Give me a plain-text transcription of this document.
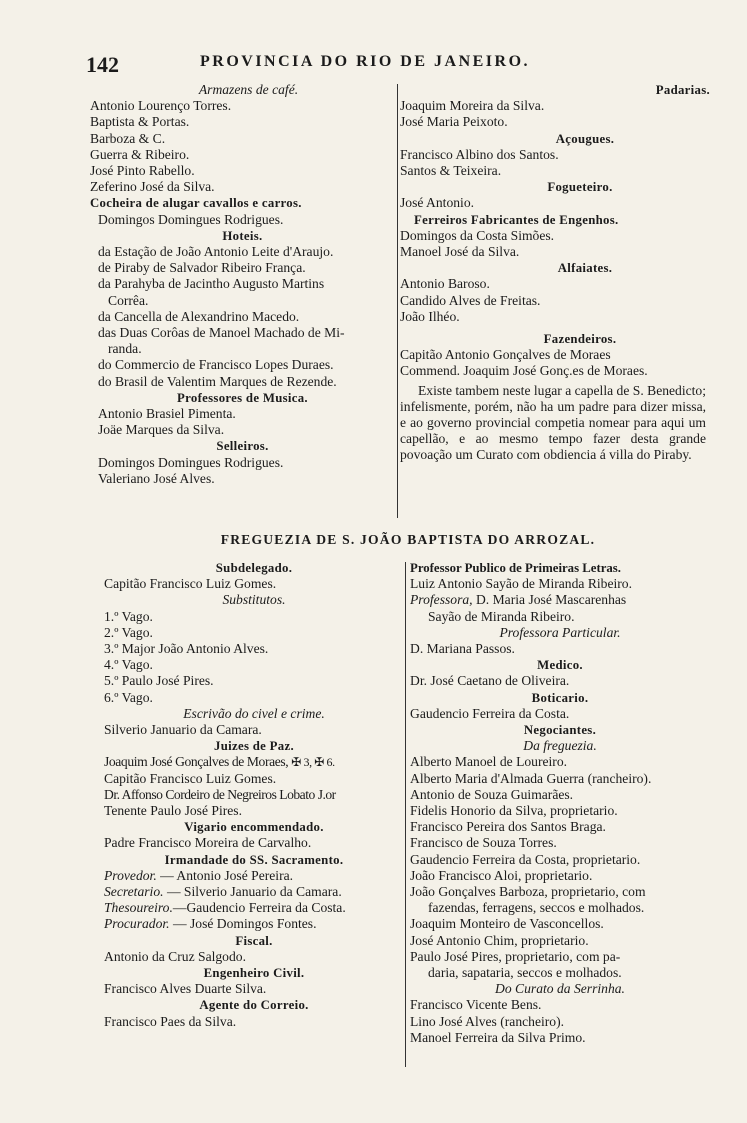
142	PROVINCIA DO RIO DE JANEIRO.
Armazens de café.
Antonio Lourenço Torres.
Baptista & Portas.
Barboza & C.
Guerra & Ribeiro.
José Pinto Rabello.
Zeferino José da Silva.
Cocheira de alugar cavallos e carros.
Domingos Domingues Rodrigues.
Hoteis.
da Estação de João Antonio Leite d'Araujo.
de Piraby de Salvador Ribeiro França.
da Parahyba de Jacintho Augusto Martins
Corrêa.
da Cancella de Alexandrino Macedo.
das Duas Corôas de Manoel Machado de Mi-
randa.
do Commercio de Francisco Lopes Duraes.
do Brasil de Valentim Marques de Rezende.
Professores de Musica.
Antonio Brasiel Pimenta.
Joäe Marques da Silva.
Selleiros.
Domingos Domingues Rodrigues.
Valeriano José Alves.
Padarias.
Joaquim Moreira da Silva.
José Maria Peixoto.
Açougues.
Francisco Albino dos Santos.
Santos & Teixeira.
Fogueteiro.
José Antonio.
Ferreiros Fabricantes de Engenhos.
Domingos da Costa Simões.
Manoel José da Silva.
Alfaiates.
Antonio Baroso.
Candido Alves de Freitas.
João Ilhéo.
Fazendeiros.
Capitão Antonio Gonçalves de Moraes
Commend. Joaquim José Gonç.es de Moraes.
Existe tambem neste lugar a capella de S. Benedicto; infelismente, porém, não ha um padre para dizer missa, e ao governo provincial competia nomear para aqui um capellão, e ao mesmo tempo fazer desta grande povoação um Curato com obdiencia á villa do Piraby.
FREGUEZIA DE S. JOÃO BAPTISTA DO ARROZAL.
Subdelegado.
Capitão Francisco Luiz Gomes.
Substitutos.
1.º Vago.
2.º Vago.
3.º Major João Antonio Alves.
4.º Vago.
5.º Paulo José Pires.
6.º Vago.
Escrivão do civel e crime.
Silverio Januario da Camara.
Juizes de Paz.
Joaquim José Gonçalves de Moraes, ✠ 3, ✠ 6.
Capitão Francisco Luiz Gomes.
Dr. Affonso Cordeiro de Negreiros Lobato J.or
Tenente Paulo José Pires.
Vigario encommendado.
Padre Francisco Moreira de Carvalho.
Irmandade do SS. Sacramento.
Provedor. — Antonio José Pereira.
Secretario. — Silverio Januario da Camara.
Thesoureiro.—Gaudencio Ferreira da Costa.
Procurador. — José Domingos Fontes.
Fiscal.
Antonio da Cruz Salgodo.
Engenheiro Civil.
Francisco Alves Duarte Silva.
Agente do Correio.
Francisco Paes da Silva.
Professor Publico de Primeiras Letras.
Luiz Antonio Sayão de Miranda Ribeiro.
Professora, D. Maria José Mascarenhas
Sayão de Miranda Ribeiro.
Professora Particular.
D. Mariana Passos.
Medico.
Dr. José Caetano de Oliveira.
Boticario.
Gaudencio Ferreira da Costa.
Negociantes.
Da freguezia.
Alberto Manoel de Loureiro.
Alberto Maria d'Almada Guerra (rancheiro).
Antonio de Souza Guimarães.
Fidelis Honorio da Silva, proprietario.
Francisco Pereira dos Santos Braga.
Francisco de Souza Torres.
Gaudencio Ferreira da Costa, proprietario.
João Francisco Aloi, proprietario.
João Gonçalves Barboza, proprietario, com
fazendas, ferragens, seccos e molhados.
Joaquim Monteiro de Vasconcellos.
José Antonio Chim, proprietario.
Paulo José Pires, proprietario, com pa-
daria, sapataria, seccos e molhados.
Do Curato da Serrinha.
Francisco Vicente Bens.
Lino José Alves (rancheiro).
Manoel Ferreira da Silva Primo.
